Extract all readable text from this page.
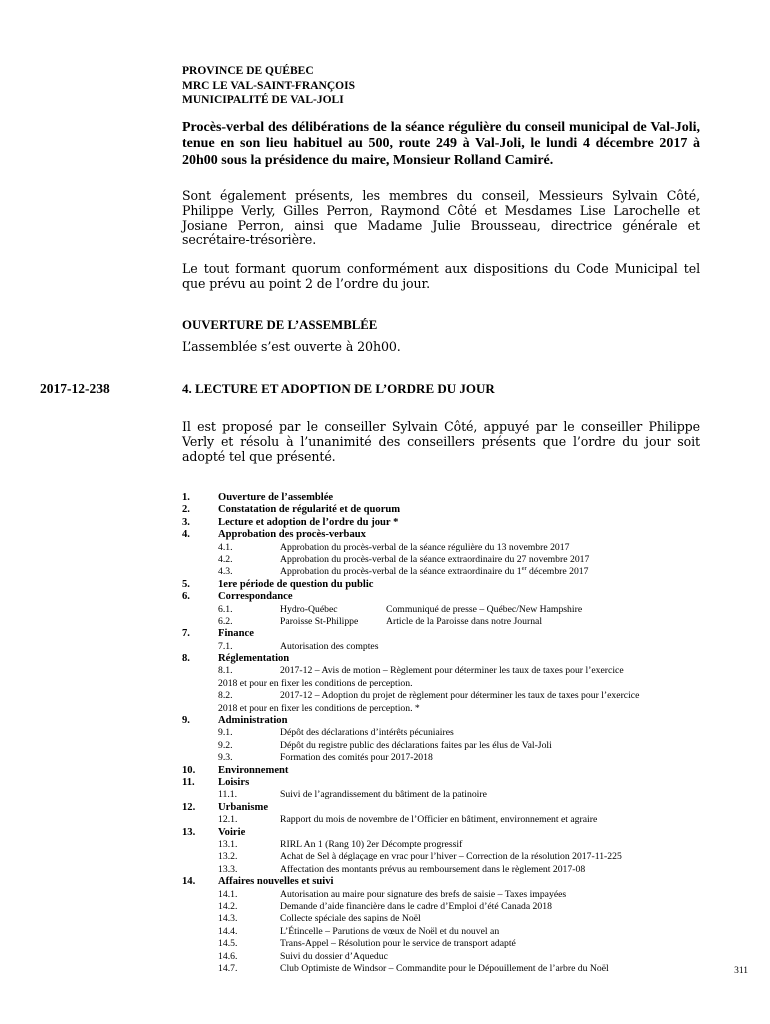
PROVINCE DE QUÉBEC
MRC LE VAL-SAINT-FRANÇOIS
MUNICIPALITÉ DE VAL-JOLI
Procès-verbal des délibérations de la séance régulière du conseil municipal de Val-Joli, tenue en son lieu habituel au 500, route 249 à Val-Joli, le lundi 4 décembre 2017 à 20h00 sous la présidence du maire, Monsieur Rolland Camiré.
Sont également présents, les membres du conseil, Messieurs Sylvain Côté, Philippe Verly, Gilles Perron, Raymond Côté et Mesdames Lise Larochelle et Josiane Perron, ainsi que Madame Julie Brousseau, directrice générale et secrétaire-trésorière.
Le tout formant quorum conformément aux dispositions du Code Municipal tel que prévu au point 2 de l’ordre du jour.
OUVERTURE DE L’ASSEMBLÉE
L’assemblée s’est ouverte à 20h00.
2017-12-238	4. LECTURE ET ADOPTION DE L’ORDRE DU JOUR
Il est proposé par le conseiller Sylvain Côté, appuyé par le conseiller Philippe Verly et résolu à l’unanimité des conseillers présents que l’ordre du jour soit adopté tel que présenté.
1.	Ouverture de l’assemblée
2.	Constatation de régularité et de quorum
3.	Lecture et adoption de l’ordre du jour *
4.	Approbation des procès-verbaux
4.1.	Approbation du procès-verbal de la séance régulière du 13 novembre 2017
4.2.	Approbation du procès-verbal de la séance extraordinaire du 27 novembre 2017
4.3.	Approbation du procès-verbal de la séance extraordinaire du 1er décembre 2017
5.	1ere période de question du public
6.	Correspondance
6.1.	Hydro-Québec	Communiqué de presse – Québec/New Hampshire
6.2.	Paroisse St-Philippe	Article de la Paroisse dans notre Journal
7.	Finance
7.1.	Autorisation des comptes
8.	Réglementation
8.1.	2017-12 – Avis de motion – Règlement pour déterminer les taux de taxes pour l’exercice
2018 et pour en fixer les conditions de perception.
8.2.	2017-12 – Adoption du projet de règlement pour déterminer les taux de taxes pour l’exercice
2018 et pour en fixer les conditions de perception. *
9.	Administration
9.1.	Dépôt des déclarations d’intérêts pécuniaires
9.2.	Dépôt du registre public des déclarations faites par les élus de Val-Joli
9.3.	Formation des comités pour 2017-2018
10.	Environnement
11.	Loisirs
11.1.	Suivi de l’agrandissement du bâtiment de la patinoire
12.	Urbanisme
12.1.	Rapport du mois de novembre de l’Officier en bâtiment, environnement et agraire
13.	Voirie
13.1.	RIRL An 1 (Rang 10) 2er Décompte progressif
13.2.	Achat de Sel à déglaçage en vrac pour l’hiver – Correction de la résolution 2017-11-225
13.3.	Affectation des montants prévus au remboursement dans le règlement 2017-08
14.	Affaires nouvelles et suivi
14.1.	Autorisation au maire pour signature des brefs de saisie – Taxes impayées
14.2.	Demande d’aide financière dans le cadre d’Emploi d’été Canada 2018
14.3.	Collecte spéciale des sapins de Noël
14.4.	L’Étincelle – Parutions de vœux de Noël et du nouvel an
14.5.	Trans-Appel – Résolution pour le service de transport adapté
14.6.	Suivi du dossier d’Aqueduc
14.7.	Club Optimiste de Windsor – Commandite pour le Dépouillement de l’arbre du Noël	311
